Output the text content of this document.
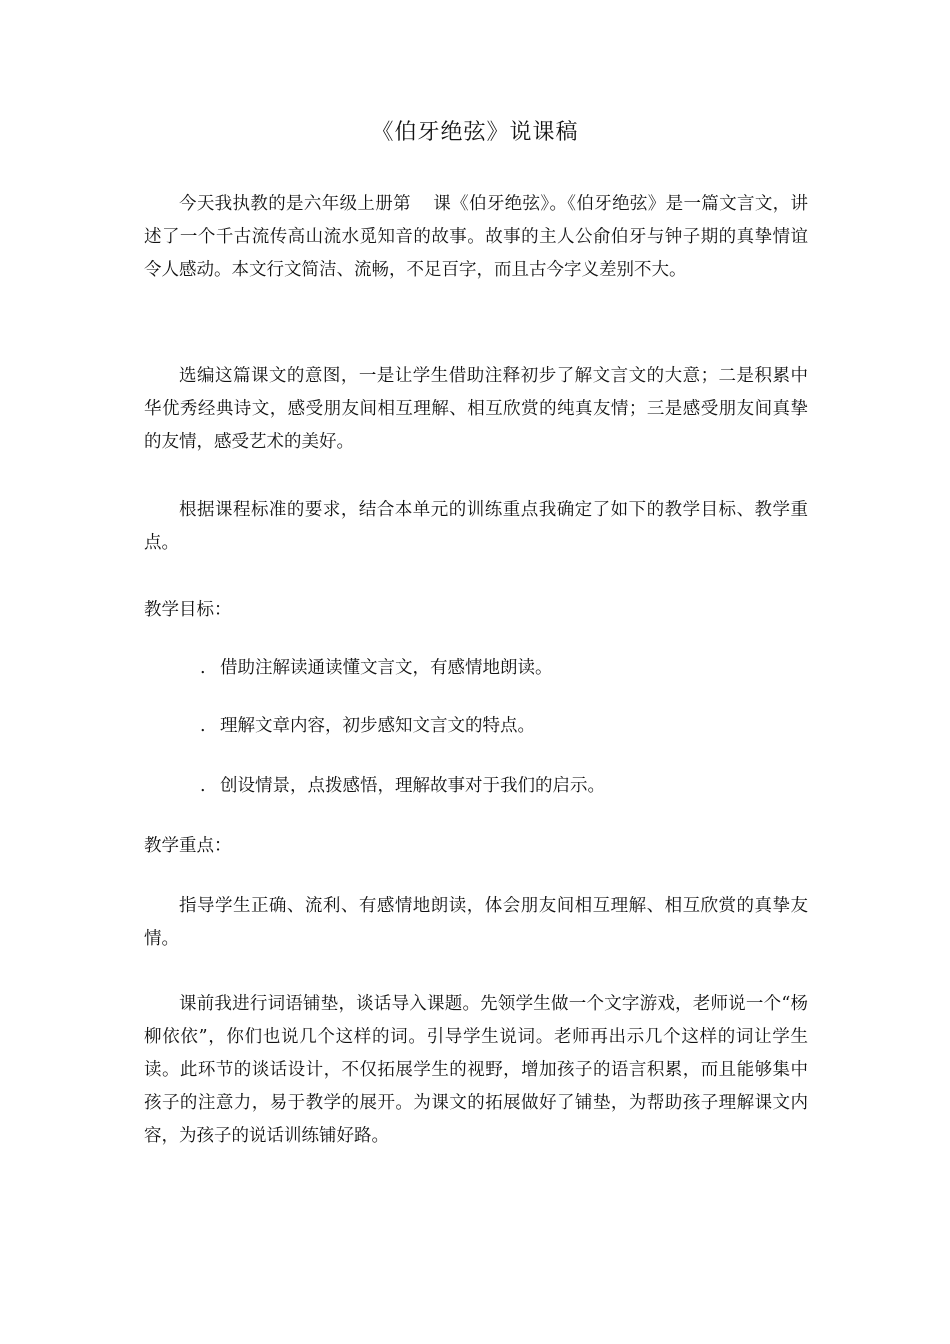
《伯牙绝弦》说课稿

今天我执教的是六年级上册第 课《伯牙绝弦》。《伯牙绝弦》是一篇文言文，讲述了一个千古流传高山流水觅知音的故事。故事的主人公俞伯牙与钟子期的真挚情谊令人感动。本文行文简洁、流畅，不足百字，而且古今字义差别不大。

选编这篇课文的意图，一是让学生借助注释初步了解文言文的大意；二是积累中华优秀经典诗文，感受朋友间相互理解、相互欣赏的纯真友情；三是感受朋友间真挚的友情，感受艺术的美好。

根据课程标准的要求，结合本单元的训练重点我确定了如下的教学目标、教学重点。

教学目标：

. 借助注解读通读懂文言文，有感情地朗读。

. 理解文章内容，初步感知文言文的特点。

. 创设情景，点拨感悟，理解故事对于我们的启示。

教学重点：

指导学生正确、流利、有感情地朗读，体会朋友间相互理解、相互欣赏的真挚友情。

课前我进行词语铺垫，谈话导入课题。先领学生做一个文字游戏，老师说一个“杨柳依依”，你们也说几个这样的词。引导学生说词。老师再出示几个这样的词让学生读。此环节的谈话设计，不仅拓展学生的视野，增加孩子的语言积累，而且能够集中孩子的注意力，易于教学的展开。为课文的拓展做好了铺垫，为帮助孩子理解课文内容，为孩子的说话训练铺好路。
